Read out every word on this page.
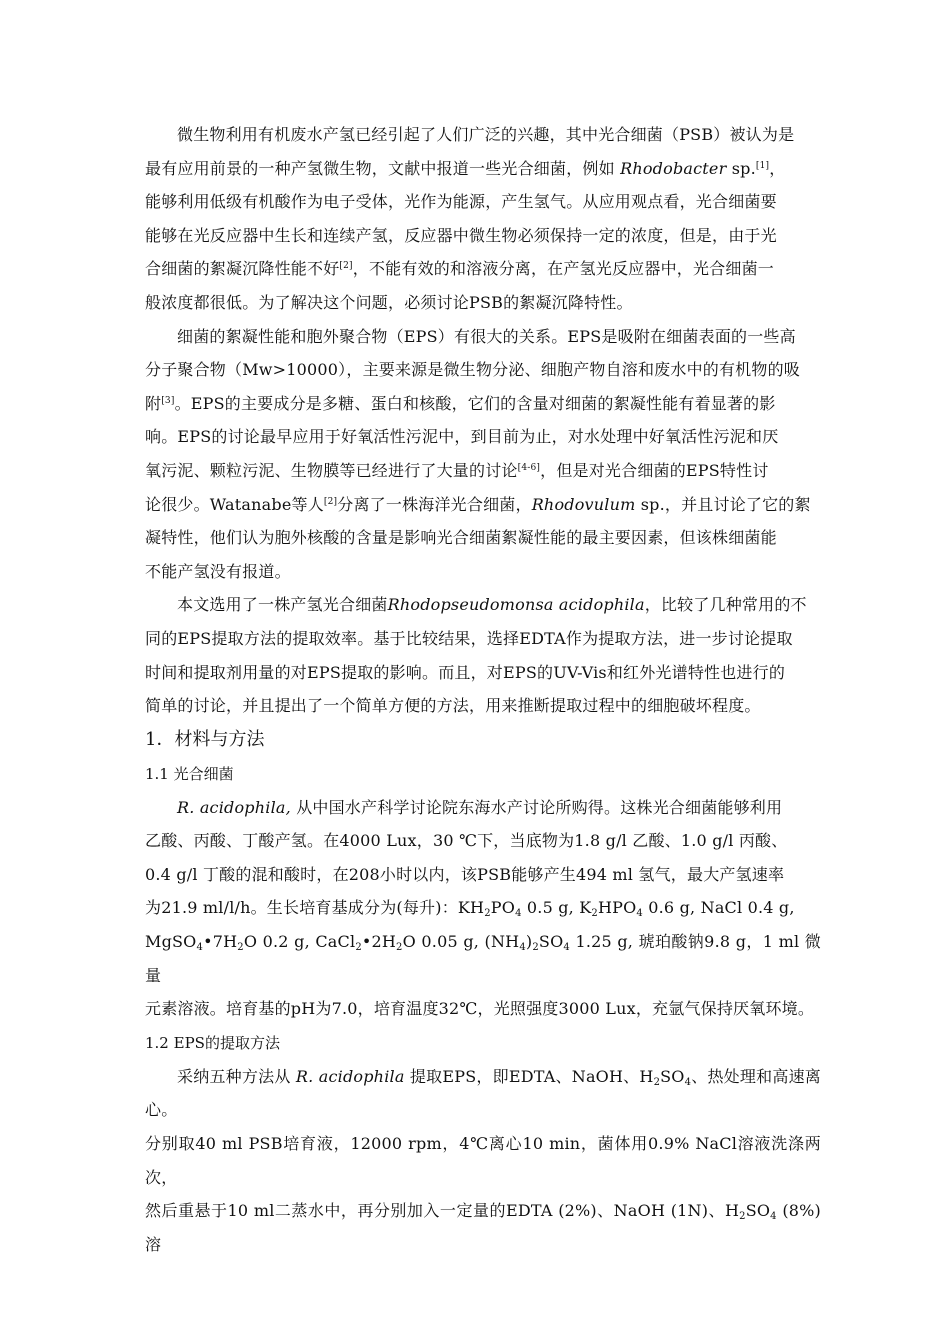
微生物利用有机废水产氢已经引起了人们广泛的兴趣，其中光合细菌（PSB）被认为是
最有应用前景的一种产氢微生物，文献中报道一些光合细菌，例如 Rhodobacter sp.[1]，
能够利用低级有机酸作为电子受体，光作为能源，产生氢气。从应用观点看，光合细菌要
能够在光反应器中生长和连续产氢，反应器中微生物必须保持一定的浓度，但是，由于光
合细菌的絮凝沉降性能不好[2]，不能有效的和溶液分离，在产氢光反应器中，光合细菌一
般浓度都很低。为了解决这个问题，必须讨论PSB的絮凝沉降特性。
细菌的絮凝性能和胞外聚合物（EPS）有很大的关系。EPS是吸附在细菌表面的一些高
分子聚合物（Mw>10000），主要来源是微生物分泌、细胞产物自溶和废水中的有机物的吸
附[3]。EPS的主要成分是多糖、蛋白和核酸，它们的含量对细菌的絮凝性能有着显著的影
响。EPS的讨论最早应用于好氧活性污泥中，到目前为止，对水处理中好氧活性污泥和厌
氧污泥、颗粒污泥、生物膜等已经进行了大量的讨论[4-6]，但是对光合细菌的EPS特性讨
论很少。Watanabe等人[2]分离了一株海洋光合细菌，Rhodovulum sp.，并且讨论了它的絮
凝特性，他们认为胞外核酸的含量是影响光合细菌絮凝性能的最主要因素，但该株细菌能
不能产氢没有报道。
本文选用了一株产氢光合细菌Rhodopseudomonsa acidophila，比较了几种常用的不
同的EPS提取方法的提取效率。基于比较结果，选择EDTA作为提取方法，进一步讨论提取
时间和提取剂用量的对EPS提取的影响。而且，对EPS的UV-Vis和红外光谱特性也进行的
简单的讨论，并且提出了一个简单方便的方法，用来推断提取过程中的细胞破坏程度。
1．材料与方法
1.1 光合细菌
R. acidophila, 从中国水产科学讨论院东海水产讨论所购得。这株光合细菌能够利用
乙酸、丙酸、丁酸产氢。在4000 Lux，30 ℃下，当底物为1.8 g/l 乙酸、1.0 g/l 丙酸、
0.4 g/l 丁酸的混和酸时，在208小时以内，该PSB能够产生494 ml 氢气，最大产氢速率
为21.9 ml/l/h。生长培育基成分为(每升)：$KH_2PO_4$ 0.5 g, $K_2HPO_4$ 0.6 g, NaCl 0.4 g,
$MgSO_4•7H_2O$ 0.2 g, $CaCl_2•2H_2O$ 0.05 g, $(NH_4)_2SO_4$ 1.25 g, 琥珀酸钠9.8 g，1 ml 微量
元素溶液。培育基的pH为7.0，培育温度32℃，光照强度3000 Lux，充氩气保持厌氧环境。
1.2 EPS的提取方法
采纳五种方法从 R. acidophila 提取EPS，即EDTA、NaOH、$H_2SO_4$、热处理和高速离心。
分别取40 ml PSB培育液，12000 rpm，4℃离心10 min，菌体用0.9% NaCl溶液洗涤两次，
然后重悬于10 ml二蒸水中，再分别加入一定量的EDTA (2%)、NaOH (1N)、$H_2SO_4$ (8%) 溶
